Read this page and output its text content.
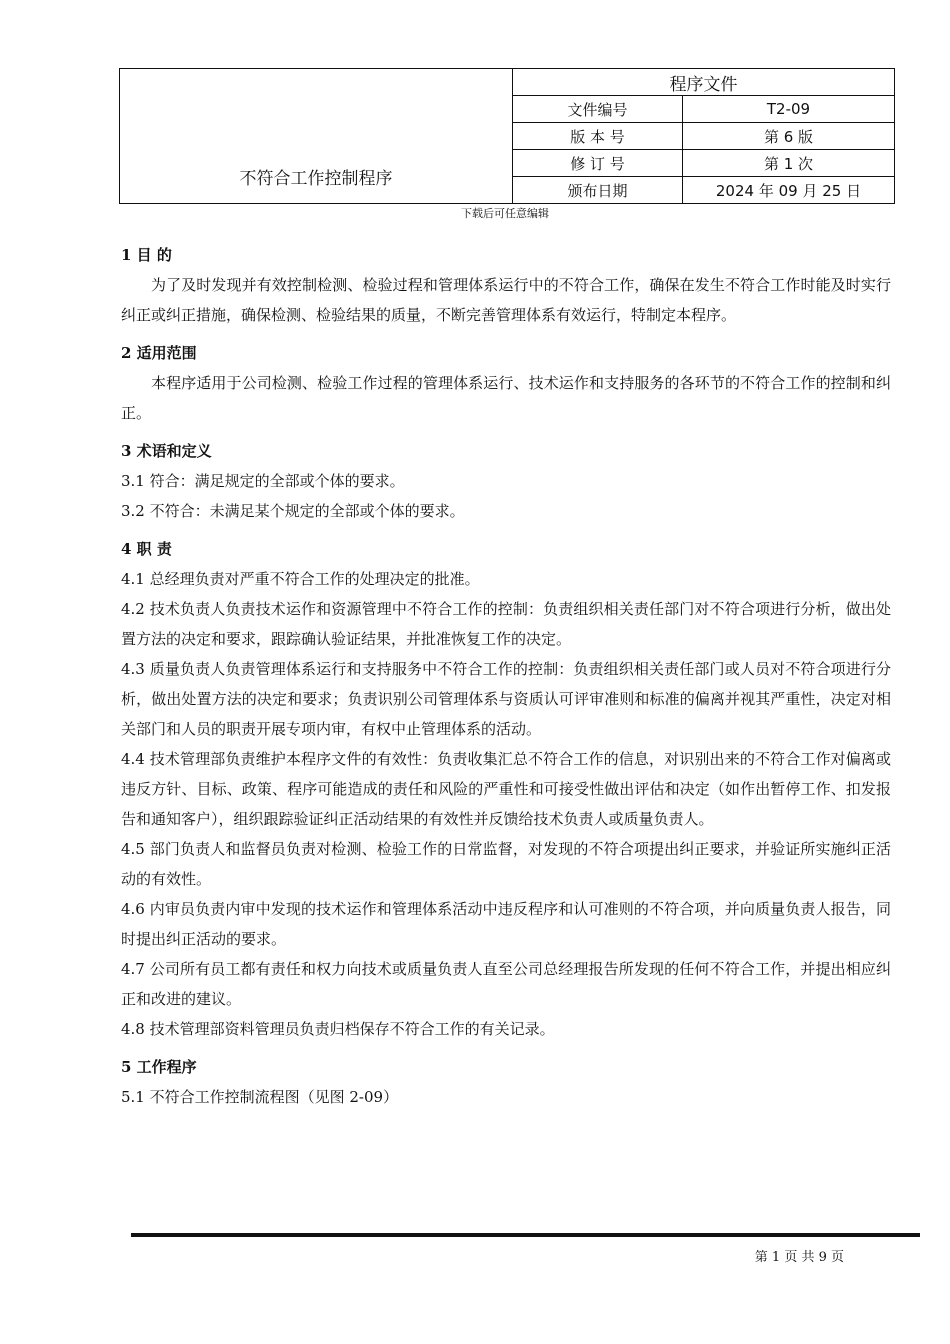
不符合工作控制程序	程序文件	
	文件编号	T2-09
	版 本 号	第 6 版
	修 订 号	第 1 次
	颁布日期	2024 年 09 月 25 日
下载后可任意编辑
1 目 的
为了及时发现并有效控制检测、检验过程和管理体系运行中的不符合工作，确保在发生不符合工作时能及时实行纠正或纠正措施，确保检测、检验结果的质量，不断完善管理体系有效运行，特制定本程序。
2 适用范围
本程序适用于公司检测、检验工作过程的管理体系运行、技术运作和支持服务的各环节的不符合工作的控制和纠正。
3 术语和定义
3.1 符合：满足规定的全部或个体的要求。
3.2 不符合：未满足某个规定的全部或个体的要求。
4 职 责
4.1 总经理负责对严重不符合工作的处理决定的批准。
4.2 技术负责人负责技术运作和资源管理中不符合工作的控制：负责组织相关责任部门对不符合项进行分析，做出处置方法的决定和要求，跟踪确认验证结果，并批准恢复工作的决定。
4.3 质量负责人负责管理体系运行和支持服务中不符合工作的控制：负责组织相关责任部门或人员对不符合项进行分析，做出处置方法的决定和要求；负责识别公司管理体系与资质认可评审准则和标准的偏离并视其严重性，决定对相关部门和人员的职责开展专项内审，有权中止管理体系的活动。
4.4 技术管理部负责维护本程序文件的有效性：负责收集汇总不符合工作的信息，对识别出来的不符合工作对偏离或违反方针、目标、政策、程序可能造成的责任和风险的严重性和可接受性做出评估和决定（如作出暂停工作、扣发报告和通知客户），组织跟踪验证纠正活动结果的有效性并反馈给技术负责人或质量负责人。
4.5 部门负责人和监督员负责对检测、检验工作的日常监督，对发现的不符合项提出纠正要求，并验证所实施纠正活动的有效性。
4.6 内审员负责内审中发现的技术运作和管理体系活动中违反程序和认可准则的不符合项，并向质量负责人报告，同时提出纠正活动的要求。
4.7 公司所有员工都有责任和权力向技术或质量负责人直至公司总经理报告所发现的任何不符合工作，并提出相应纠正和改进的建议。
4.8 技术管理部资料管理员负责归档保存不符合工作的有关记录。
5 工作程序
5.1 不符合工作控制流程图（见图 2-09）
第 1 页 共 9 页
